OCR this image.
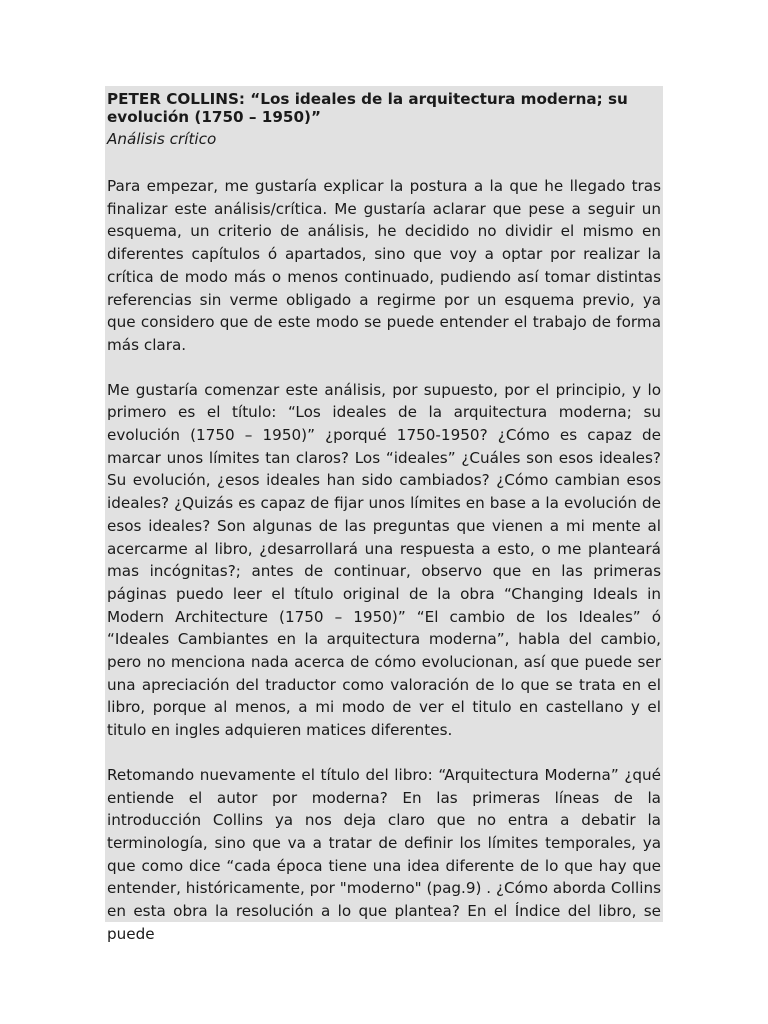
PETER COLLINS: “Los ideales de la arquitectura moderna; su evolución (1750 – 1950)”

Análisis crítico

Para empezar, me gustaría explicar la postura a la que he llegado tras finalizar este análisis/crítica. Me gustaría aclarar que pese a seguir un esquema, un criterio de análisis, he decidido no dividir el mismo en diferentes capítulos ó apartados, sino que voy a optar por realizar la crítica de modo más o menos continuado, pudiendo así tomar distintas referencias sin verme obligado a regirme por un esquema previo, ya que considero que de este modo se puede entender el trabajo de forma más clara.

Me gustaría comenzar este análisis, por supuesto, por el principio, y lo primero es el título: “Los ideales de la arquitectura moderna; su evolución (1750 – 1950)” ¿porqué 1750-1950? ¿Cómo es capaz de marcar unos límites tan claros? Los “ideales” ¿Cuáles son esos ideales? Su evolución, ¿esos ideales han sido cambiados? ¿Cómo cambian esos ideales? ¿Quizás es capaz de fijar unos límites en base a la evolución de esos ideales? Son algunas de las preguntas que vienen a mi mente al acercarme al libro, ¿desarrollará una respuesta a esto, o me planteará mas incógnitas?; antes de continuar, observo que en las primeras páginas puedo leer el título original de la obra “Changing Ideals in Modern Architecture (1750 – 1950)” “El cambio de los Ideales” ó “Ideales Cambiantes en la arquitectura moderna”, habla del cambio, pero no menciona nada acerca de cómo evolucionan, así que puede ser una apreciación del traductor como valoración de lo que se trata en el libro, porque al menos, a mi modo de ver el titulo en castellano y el titulo en ingles adquieren matices diferentes.

Retomando nuevamente el título del libro: “Arquitectura Moderna” ¿qué entiende el autor por moderna? En las primeras líneas de la introducción Collins ya nos deja claro que no entra a debatir la terminología, sino que va a tratar de definir los límites temporales, ya que como dice “cada época tiene una idea diferente de lo que hay que entender, históricamente, por "moderno" (pag.9) . ¿Cómo aborda Collins en esta obra la resolución a lo que plantea? En el Índice del libro, se puede
